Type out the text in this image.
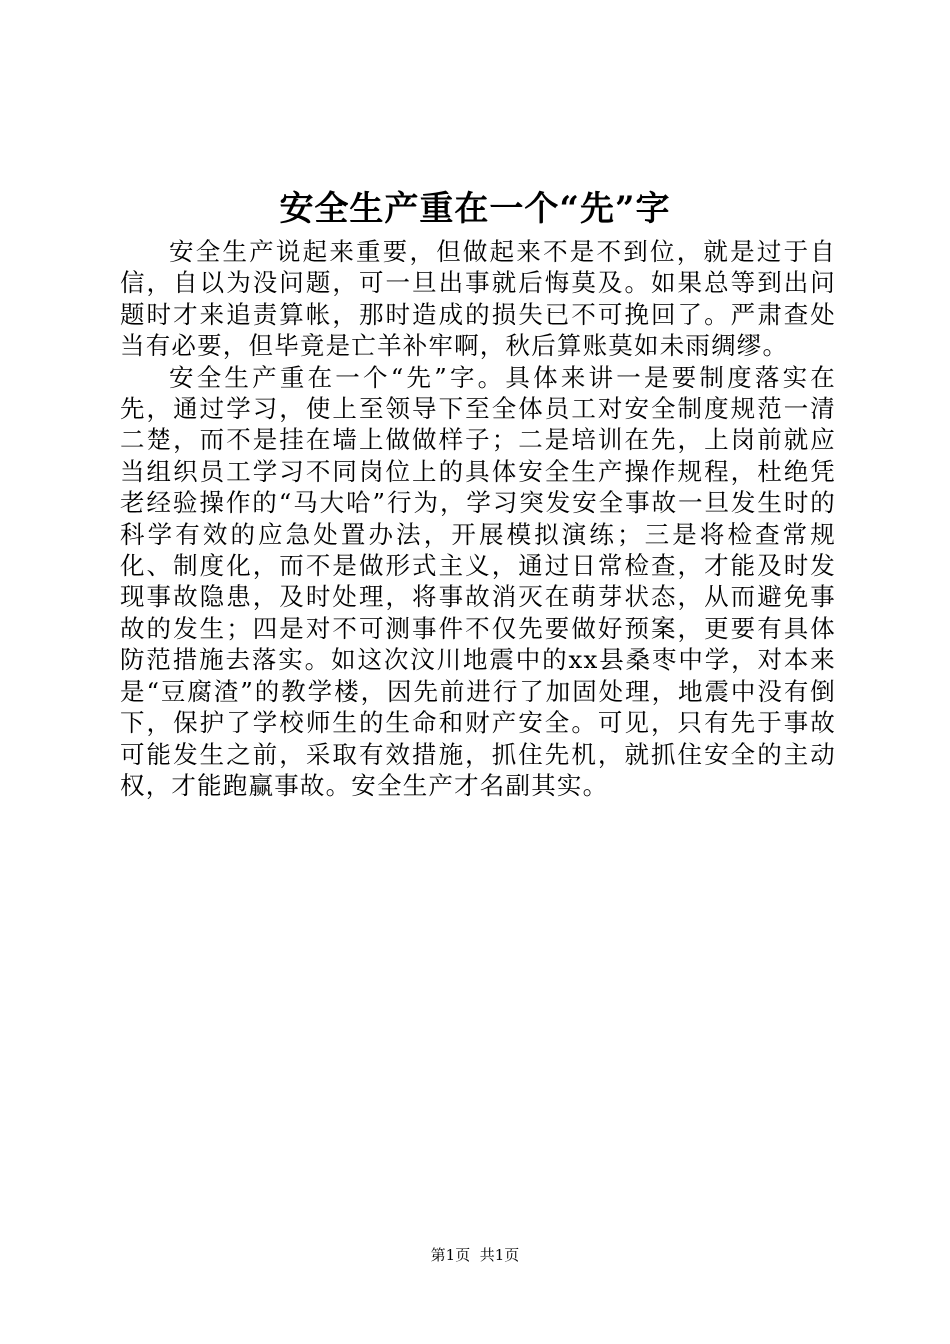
安全生产重在一个“先”字

安全生产说起来重要，但做起来不是不到位，就是过于自信，自以为没问题，可一旦出事就后悔莫及。如果总等到出问题时才来追责算帐，那时造成的损失已不可挽回了。严肃查处当有必要，但毕竟是亡羊补牢啊，秋后算账莫如未雨绸缪。

安全生产重在一个“先”字。具体来讲一是要制度落实在先，通过学习，使上至领导下至全体员工对安全制度规范一清二楚，而不是挂在墙上做做样子；二是培训在先，上岗前就应当组织员工学习不同岗位上的具体安全生产操作规程，杜绝凭老经验操作的“马大哈”行为，学习突发安全事故一旦发生时的科学有效的应急处置办法，开展模拟演练；三是将检查常规化、制度化，而不是做形式主义，通过日常检查，才能及时发现事故隐患，及时处理，将事故消灭在萌芽状态，从而避免事故的发生；四是对不可测事件不仅先要做好预案，更要有具体防范措施去落实。如这次汶川地震中的xx县桑枣中学，对本来是“豆腐渣”的教学楼，因先前进行了加固处理，地震中没有倒下，保护了学校师生的生命和财产安全。可见，只有先于事故可能发生之前，采取有效措施，抓住先机，就抓住安全的主动权，才能跑赢事故。安全生产才名副其实。

第1页 共1页
